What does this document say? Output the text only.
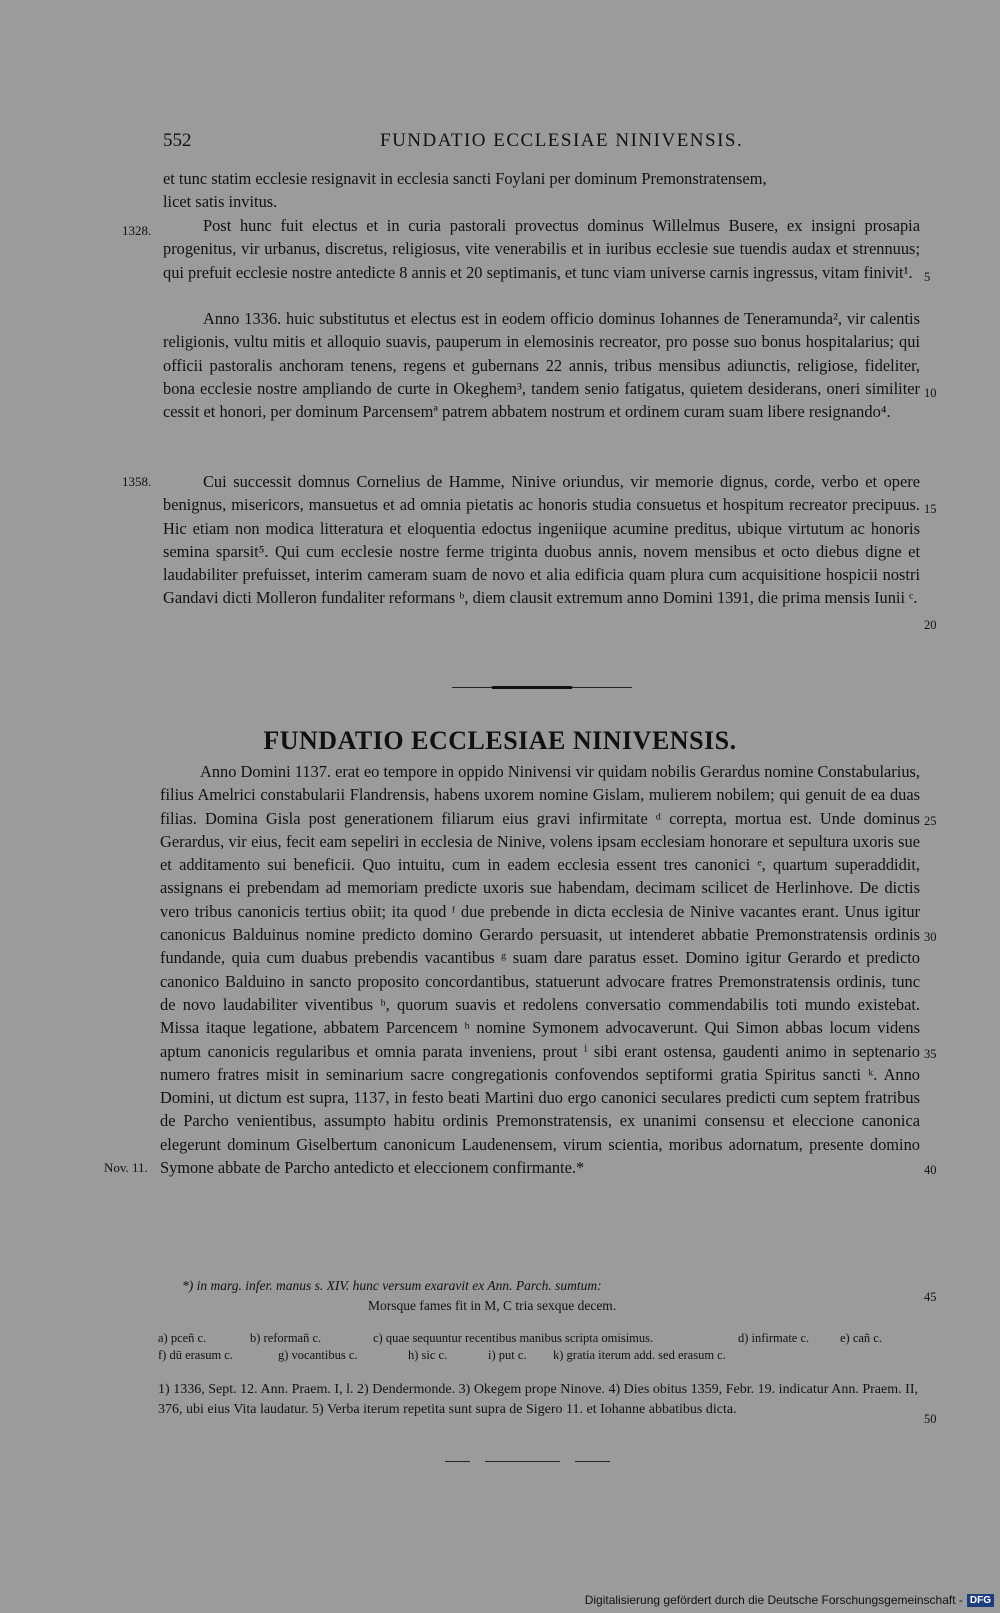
552	FUNDATIO ECCLESIAE NINIVENSIS.

et tunc statim ecclesie resignavit in ecclesia sancti Foylani per dominum Premonstratensem,

licet satis invitus.

1328.	Post hunc fuit electus et in curia pastorali provectus dominus Willelmus Busere, ex insigni prosapia progenitus, vir urbanus, discretus, religiosus, vite venerabilis et in iuribus ecclesie sue tuendis audax et strennuus; qui prefuit ecclesie nostre antedicte 8 annis et 20 septimanis, et tunc viam universe carnis ingressus, vitam finivit¹.

Anno 1336. huic substitutus et electus est in eodem officio dominus Iohannes de Teneramunda², vir calentis religionis, vultu mitis et alloquio suavis, pauperum in elemosinis recreator, pro posse suo bonus hospitalarius; qui officii pastoralis anchoram tenens, regens et gubernans 22 annis, tribus mensibus adiunctis, religiose, fideliter, bona ecclesie nostre ampliando de curte in Okeghem³, tandem senio fatigatus, quietem desiderans, oneri similiter cessit et honori, per dominum Parcensemª patrem abbatem nostrum et ordinem curam suam libere resignando⁴.

1358.	Cui successit domnus Cornelius de Hamme, Ninive oriundus, vir memorie dignus, corde, verbo et opere benignus, misericors, mansuetus et ad omnia pietatis ac honoris studia consuetus et hospitum recreator precipuus. Hic etiam non modica litteratura et eloquentia edoctus ingeniique acumine preditus, ubique virtutum ac honoris semina sparsit⁵. Qui cum ecclesie nostre ferme triginta duobus annis, novem mensibus et octo diebus digne et laudabiliter prefuisset, interim cameram suam de novo et alia edificia quam plura cum acquisitione hospicii nostri Gandavi dicti Molleron fundaliter reformans ᵇ, diem clausit extremum anno Domini 1391, die prima mensis Iunii ᶜ.

FUNDATIO ECCLESIAE NINIVENSIS.
Nov. 11.

Anno Domini 1137. erat eo tempore in oppido Ninivensi vir quidam nobilis Gerardus nomine Constabularius, filius Amelrici constabularii Flandrensis, habens uxorem nomine Gislam, mulierem nobilem; qui genuit de ea duas filias. Domina Gisla post generationem filiarum eius gravi infirmitate ᵈ correpta, mortua est. Unde dominus Gerardus, vir eius, fecit eam sepeliri in ecclesia de Ninive, volens ipsam ecclesiam honorare et sepultura uxoris sue et additamento sui beneficii. Quo intuitu, cum in eadem ecclesia essent tres canonici ᵉ, quartum superaddidit, assignans ei prebendam ad memoriam predicte uxoris sue habendam, decimam scilicet de Herlinhove. De dictis vero tribus canonicis tertius obiit; ita quod ᶠ due prebende in dicta ecclesia de Ninive vacantes erant. Unus igitur canonicus Balduinus nomine predicto domino Gerardo persuasit, ut intenderet abbatie Premonstratensis ordinis fundande, quia cum duabus prebendis vacantibus ᵍ suam dare paratus esset. Domino igitur Gerardo et predicto canonico Balduino in sancto proposito concordantibus, statuerunt advocare fratres Premonstratensis ordinis, tunc de novo laudabiliter viventibus ʰ, quorum suavis et redolens conversatio commendabilis toti mundo existebat. Missa itaque legatione, abbatem Parcencem ʰ nomine Symonem advocaverunt. Qui Simon abbas locum videns aptum canonicis regularibus et omnia parata inveniens, prout ⁱ sibi erant ostensa, gaudenti animo in septenario numero fratres misit in seminarium sacre congregationis confovendos septiformi gratia Spiritus sancti ᵏ. Anno Domini, ut dictum est supra, 1137, in festo beati Martini duo ergo canonici seculares predicti cum septem fratribus de Parcho venientibus, assumpto habitu ordinis Premonstratensis, ex unanimi consensu et eleccione canonica elegerunt dominum Giselbertum canonicum Laudenensem, virum scientia, moribus adornatum, presente domino Symone abbate de Parcho antedicto et eleccionem confirmante.*

*) in marg. infer. manus s. XIV. hunc versum exaravit ex Ann. Parch. sumtum:
Morsque fames fit in M, C tria sexque decem.
a) pceñ c.	b) reformañ c.	c) quae sequuntur recentibus manibus scripta omisimus.	d) infirmate c. e) cañ c.
f) dū erasum c.	g) vocantibus c.	h) sic c.	i) put c. k) gratia iterum add. sed erasum c.
1) 1336, Sept. 12. Ann. Praem. I, l. 2) Dendermonde. 3) Okegem prope Ninove. 4) Dies obitus 1359, Febr. 19. indicatur Ann. Praem. II, 376, ubi eius Vita laudatur. 5) Verba iterum repetita sunt supra de Sigero 11. et Iohanne abbatibus dicta.
5
10
15
20
25
30
35
40
45
50
Digitalisierung gefördert durch die Deutsche Forschungsgemeinschaft - DFG
